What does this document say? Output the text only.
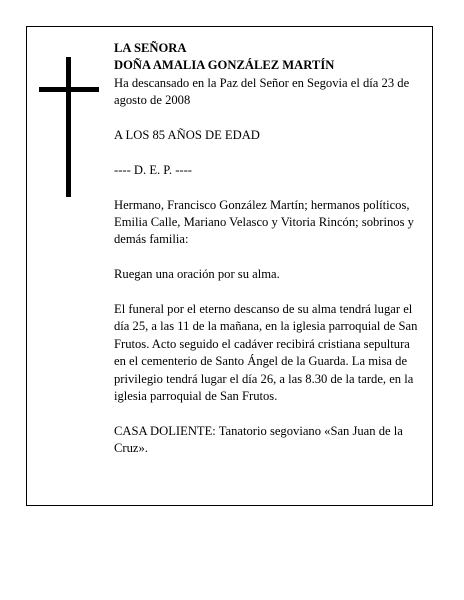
LA SEÑORA

DOÑA AMALIA GONZÁLEZ MARTÍN

Ha descansado en la Paz del Señor en Segovia el día 23 de agosto de 2008

A LOS 85 AÑOS DE EDAD

---- D. E. P. ----

Hermano, Francisco González Martín; hermanos políticos, Emilia Calle, Mariano Velasco y Vitoria Rincón; sobrinos y demás familia:

Ruegan una oración por su alma.

El funeral por el eterno descanso de su alma tendrá lugar el día 25, a las 11 de la mañana, en la iglesia parroquial de San Frutos. Acto seguido el cadáver recibirá cristiana sepultura en el cementerio de Santo Ángel de la Guarda. La misa de privilegio tendrá lugar el día 26, a las 8.30 de la tarde, en la iglesia parroquial de San Frutos.

CASA DOLIENTE: Tanatorio segoviano «San Juan de la Cruz».
